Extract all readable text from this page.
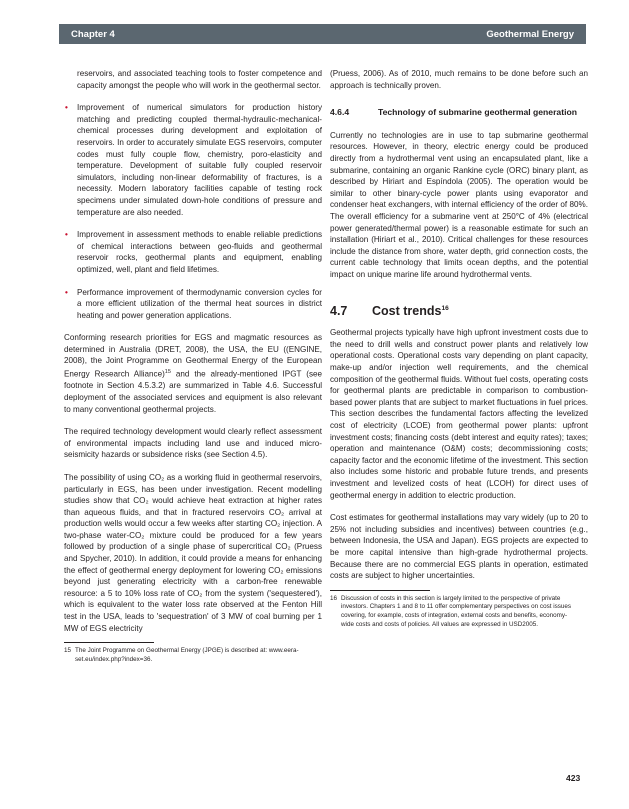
Chapter 4	Geothermal Energy

reservoirs, and associated teaching tools to foster competence and capacity amongst the people who will work in the geothermal sector.

• Improvement of numerical simulators for production history matching and predicting coupled thermal-hydraulic-mechanical-chemical processes during development and exploitation of reservoirs. In order to accurately simulate EGS reservoirs, computer codes must fully couple flow, chemistry, poro-elasticity and temperature. Development of suitable fully coupled reservoir simulators, including non-linear deformability of fractures, is a necessity. Modern laboratory facilities capable of testing rock specimens under simulated down-hole conditions of pressure and temperature are also needed.
• Improvement in assessment methods to enable reliable predictions of chemical interactions between geo-fluids and geothermal reservoir rocks, geothermal plants and equipment, enabling optimized, well, plant and field lifetimes.
• Performance improvement of thermodynamic conversion cycles for a more efficient utilization of the thermal heat sources in district heating and power generation applications.

Conforming research priorities for EGS and magmatic resources as determined in Australia (DRET, 2008), the USA, the EU ((ENGINE, 2008), the Joint Programme on Geothermal Energy of the European Energy Research Alliance)$^{15}$ and the already-mentioned IPGT (see footnote in Section 4.5.3.2) are summarized in Table 4.6. Successful deployment of the associated services and equipment is also relevant to many conventional geothermal projects.

The required technology development would clearly reflect assessment of environmental impacts including land use and induced micro-seismicity hazards or subsidence risks (see Section 4.5).

The possibility of using CO₂ as a working fluid in geothermal reservoirs, particularly in EGS, has been under investigation. Recent modelling studies show that CO₂ would achieve heat extraction at higher rates than aqueous fluids, and that in fractured reservoirs CO₂ arrival at production wells would occur a few weeks after starting CO₂ injection. A two-phase water-CO₂ mixture could be produced for a few years followed by production of a single phase of supercritical CO₂ (Pruess and Spycher, 2010). In addition, it could provide a means for enhancing the effect of geothermal energy deployment for lowering CO₂ emissions beyond just generating electricity with a carbon-free renewable resource: a 5 to 10% loss rate of CO₂ from the system ('sequestered'), which is equivalent to the water loss rate observed at the Fenton Hill test in the USA, leads to 'sequestration' of 3 MW of coal burning per 1 MW of EGS electricity

15 The Joint Programme on Geothermal Energy (JPGE) is described at: www.eera-set.eu/index.php?index=36.

(Pruess, 2006). As of 2010, much remains to be done before such an approach is technically proven.

4.6.4	Technology of submarine geothermal generation

Currently no technologies are in use to tap submarine geothermal resources. However, in theory, electric energy could be produced directly from a hydrothermal vent using an encapsulated plant, like a submarine, containing an organic Rankine cycle (ORC) binary plant, as described by Hiriart and Espíndola (2005). The operation would be similar to other binary-cycle power plants using evaporator and condenser heat exchangers, with internal efficiency of the order of 80%. The overall efficiency for a submarine vent at 250°C of 4% (electrical power generated/thermal power) is a reasonable estimate for such an installation (Hiriart et al., 2010). Critical challenges for these resources include the distance from shore, water depth, grid connection costs, the current cable technology that limits ocean depths, and the potential impact on unique marine life around hydrothermal vents.

4.7 Cost trends$^{16}$

Geothermal projects typically have high upfront investment costs due to the need to drill wells and construct power plants and relatively low operational costs. Operational costs vary depending on plant capacity, make-up and/or injection well requirements, and the chemical composition of the geothermal fluids. Without fuel costs, operating costs for geothermal plants are predictable in comparison to combustion-based power plants that are subject to market fluctuations in fuel prices. This section describes the fundamental factors affecting the levelized cost of electricity (LCOE) from geothermal power plants: upfront investment costs; financing costs (debt interest and equity rates); taxes; operation and maintenance (O&M) costs; decommissioning costs; capacity factor and the economic lifetime of the investment. This section also includes some historic and probable future trends, and presents investment and levelized costs of heat (LCOH) for direct uses of geothermal energy in addition to electric production.

Cost estimates for geothermal installations may vary widely (up to 20 to 25% not including subsidies and incentives) between countries (e.g., between Indonesia, the USA and Japan). EGS projects are expected to be more capital intensive than high-grade hydrothermal projects. Because there are no commercial EGS plants in operation, estimated costs are subject to higher uncertainties.

16 Discussion of costs in this section is largely limited to the perspective of private investors. Chapters 1 and 8 to 11 offer complementary perspectives on cost issues covering, for example, costs of integration, external costs and benefits, economy-wide costs and costs of policies. All values are expressed in USD2005.
423
